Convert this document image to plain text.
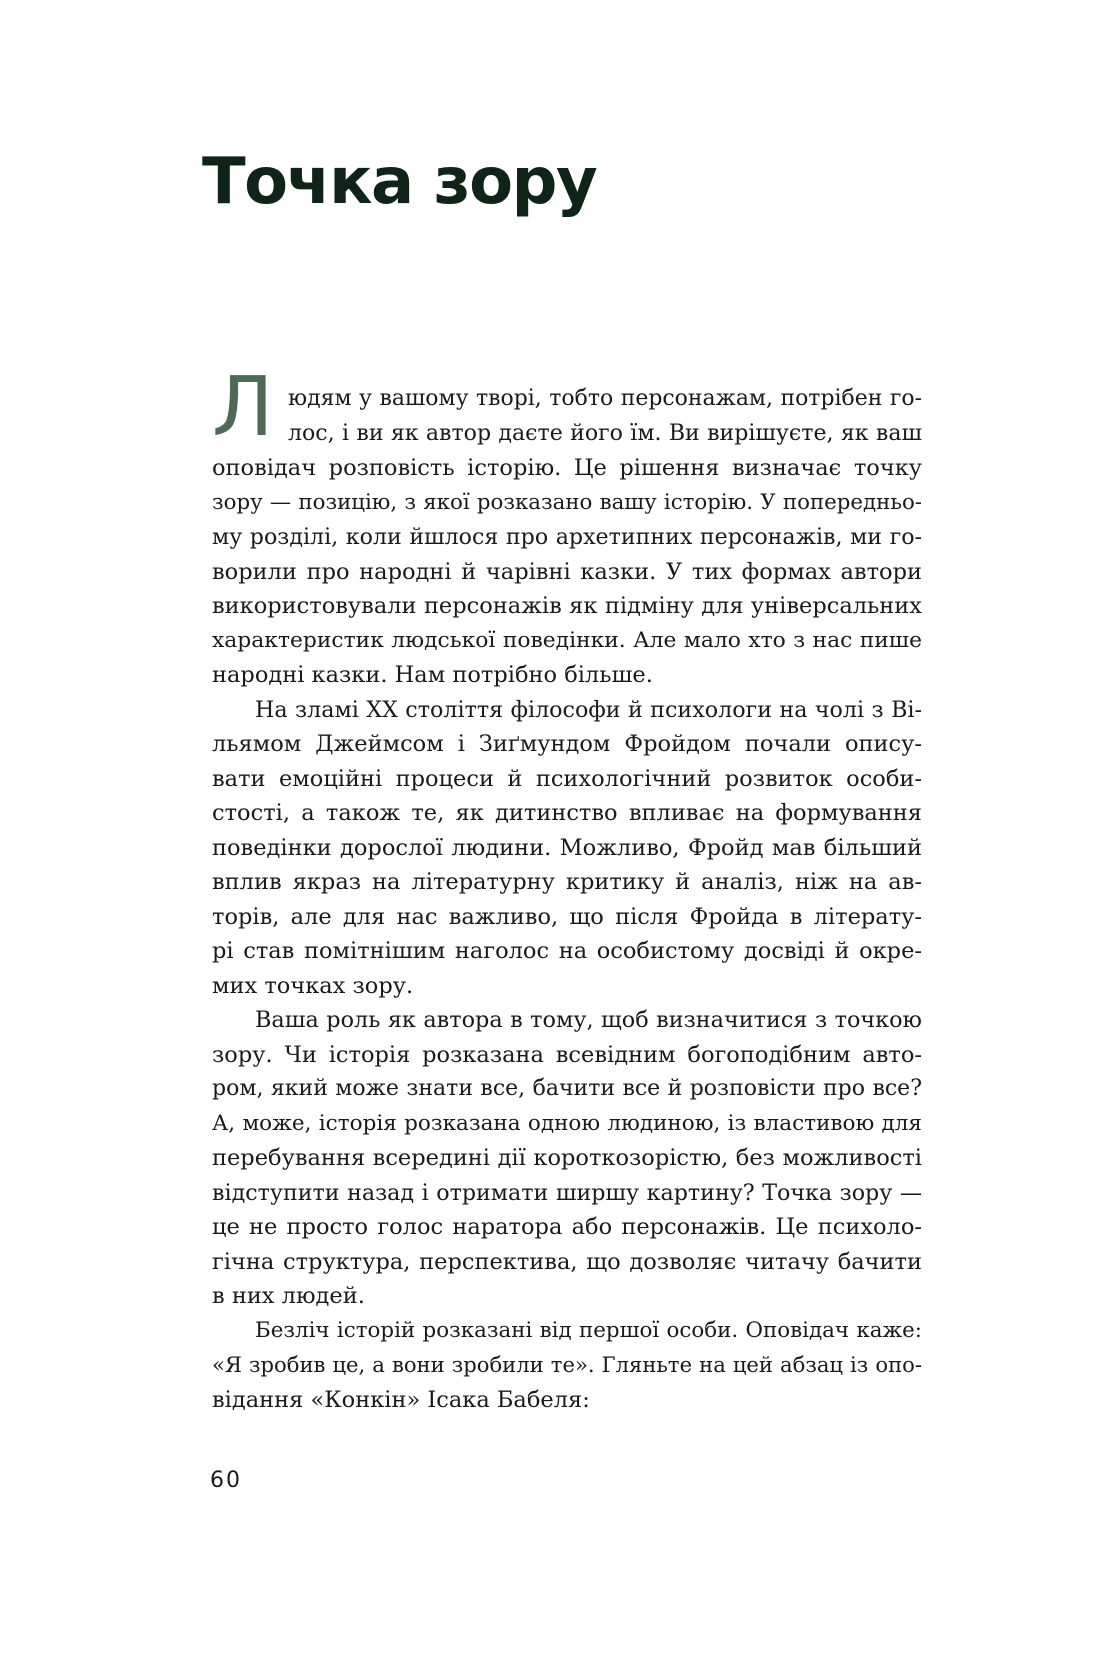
Точка зору
Л юдям у вашому творі, тобто персонажам, потрібен го-
лос, і ви як автор даєте його їм. Ви вирішуєте, як ваш
оповідач розповість історію. Це рішення визначає точку
зору — позицію, з якої розказано вашу історію. У попередньо-
му розділі, коли йшлося про архетипних персонажів, ми го-
ворили про народні й чарівні казки. У тих формах автори
використовували персонажів як підміну для універсальних
характеристик людської поведінки. Але мало хто з нас пише
народні казки. Нам потрібно більше.
На зламі XX століття філософи й психологи на чолі з Ві-
льямом Джеймсом і Зиґмундом Фройдом почали опису-
вати емоційні процеси й психологічний розвиток особи-
стості, а також те, як дитинство впливає на формування
поведінки дорослої людини. Можливо, Фройд мав більший
вплив якраз на літературну критику й аналіз, ніж на ав-
торів, але для нас важливо, що після Фройда в літерату-
рі став помітнішим наголос на особистому досвіді й окре-
мих точках зору.
Ваша роль як автора в тому, щоб визначитися з точкою
зору. Чи історія розказана всевідним богоподібним авто-
ром, який може знати все, бачити все й розповісти про все?
А, може, історія розказана одною людиною, із властивою для
перебування всередині дії короткозорістю, без можливості
відступити назад і отримати ширшу картину? Точка зору —
це не просто голос наратора або персонажів. Це психоло-
гічна структура, перспектива, що дозволяє читачу бачити
в них людей.
Безліч історій розказані від першої особи. Оповідач каже:
«Я зробив це, а вони зробили те». Гляньте на цей абзац із опо-
відання «Конкін» Ісака Бабеля:
60
